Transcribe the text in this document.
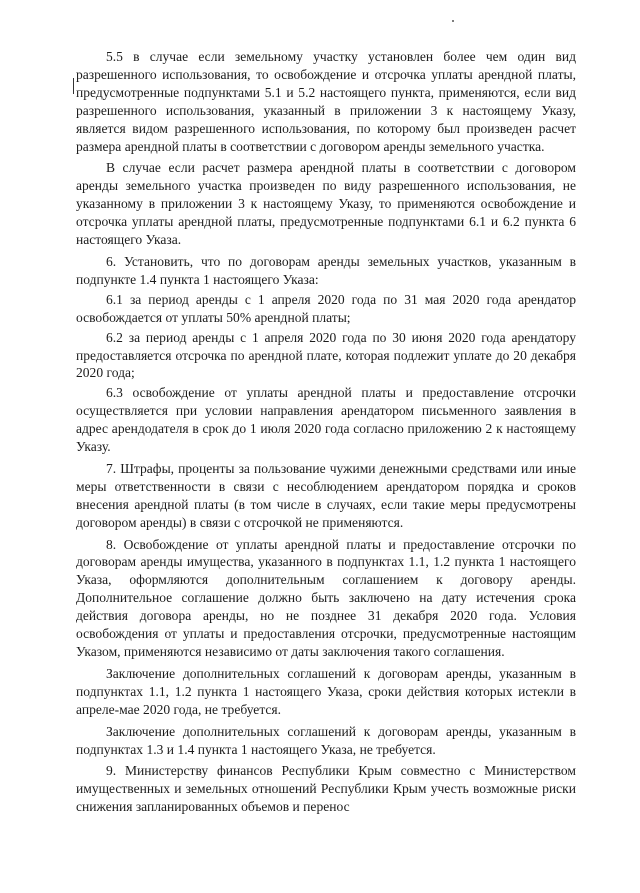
5.5 в случае если земельному участку установлен более чем один вид разрешенного использования, то освобождение и отсрочка уплаты арендной платы, предусмотренные подпунктами 5.1 и 5.2 настоящего пункта, применяются, если вид разрешенного использования, указанный в приложении 3 к настоящему Указу, является видом разрешенного использования, по которому был произведен расчет размера арендной платы в соответствии с договором аренды земельного участка.

В случае если расчет размера арендной платы в соответствии с договором аренды земельного участка произведен по виду разрешенного использования, не указанному в приложении 3 к настоящему Указу, то применяются освобождение и отсрочка уплаты арендной платы, предусмотренные подпунктами 6.1 и 6.2 пункта 6 настоящего Указа.

6. Установить, что по договорам аренды земельных участков, указанным в подпункте 1.4 пункта 1 настоящего Указа:

6.1 за период аренды с 1 апреля 2020 года по 31 мая 2020 года арендатор освобождается от уплаты 50% арендной платы;

6.2 за период аренды с 1 апреля 2020 года по 30 июня 2020 года арендатору предоставляется отсрочка по арендной плате, которая подлежит уплате до 20 декабря 2020 года;

6.3 освобождение от уплаты арендной платы и предоставление отсрочки осуществляется при условии направления арендатором письменного заявления в адрес арендодателя в срок до 1 июля 2020 года согласно приложению 2 к настоящему Указу.

7. Штрафы, проценты за пользование чужими денежными средствами или иные меры ответственности в связи с несоблюдением арендатором порядка и сроков внесения арендной платы (в том числе в случаях, если такие меры предусмотрены договором аренды) в связи с отсрочкой не применяются.

8. Освобождение от уплаты арендной платы и предоставление отсрочки по договорам аренды имущества, указанного в подпунктах 1.1, 1.2 пункта 1 настоящего Указа, оформляются дополнительным соглашением к договору аренды. Дополнительное соглашение должно быть заключено на дату истечения срока действия договора аренды, но не позднее 31 декабря 2020 года. Условия освобождения от уплаты и предоставления отсрочки, предусмотренные настоящим Указом, применяются независимо от даты заключения такого соглашения.

Заключение дополнительных соглашений к договорам аренды, указанным в подпунктах 1.1, 1.2 пункта 1 настоящего Указа, сроки действия которых истекли в апреле-мае 2020 года, не требуется.

Заключение дополнительных соглашений к договорам аренды, указанным в подпунктах 1.3 и 1.4 пункта 1 настоящего Указа, не требуется.

9. Министерству финансов Республики Крым совместно с Министерством имущественных и земельных отношений Республики Крым учесть возможные риски снижения запланированных объемов и перенос
